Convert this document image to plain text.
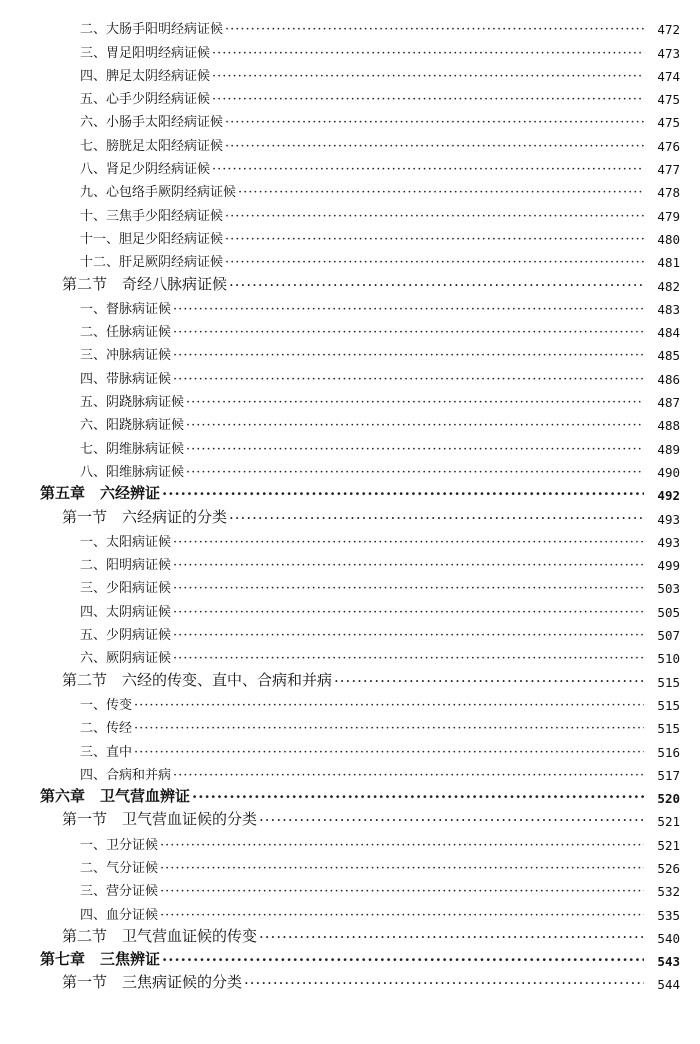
二、大肠手阳明经病证候 ·····	472
三、胃足阳明经病证候 ·····	473
四、脾足太阴经病证候 ·····	474
五、心手少阴经病证候 ·····	475
六、小肠手太阳经病证候 ·····	475
七、膀胱足太阳经病证候 ·····	476
八、肾足少阴经病证候 ·····	477
九、心包络手厥阴经病证候 ·····	478
十、三焦手少阳经病证候 ·····	479
十一、胆足少阳经病证候 ·····	480
十二、肝足厥阴经病证候 ·····	481
第二节　奇经八脉病证候 ·····	482
一、督脉病证候 ·····	483
二、任脉病证候 ·····	484
三、冲脉病证候 ·····	485
四、带脉病证候 ·····	486
五、阴跷脉病证候 ·····	487
六、阳跷脉病证候 ·····	488
七、阴维脉病证候 ·····	489
八、阳维脉病证候 ·····	490
第五章　六经辨证 ·····	492
第一节　六经病证的分类 ·····	493
一、太阳病证候 ·····	493
二、阳明病证候 ·····	499
三、少阳病证候 ·····	503
四、太阴病证候 ·····	505
五、少阴病证候 ·····	507
六、厥阴病证候 ·····	510
第二节　六经的传变、直中、合病和并病 ·····	515
一、传变 ·····	515
二、传经 ·····	515
三、直中 ·····	516
四、合病和并病 ·····	517
第六章　卫气营血辨证 ·····	520
第一节　卫气营血证候的分类 ·····	521
一、卫分证候 ·····	521
二、气分证候 ·····	526
三、营分证候 ·····	532
四、血分证候 ·····	535
第二节　卫气营血证候的传变 ·····	540
第七章　三焦辨证 ·····	543
第一节　三焦病证候的分类 ·····	544
